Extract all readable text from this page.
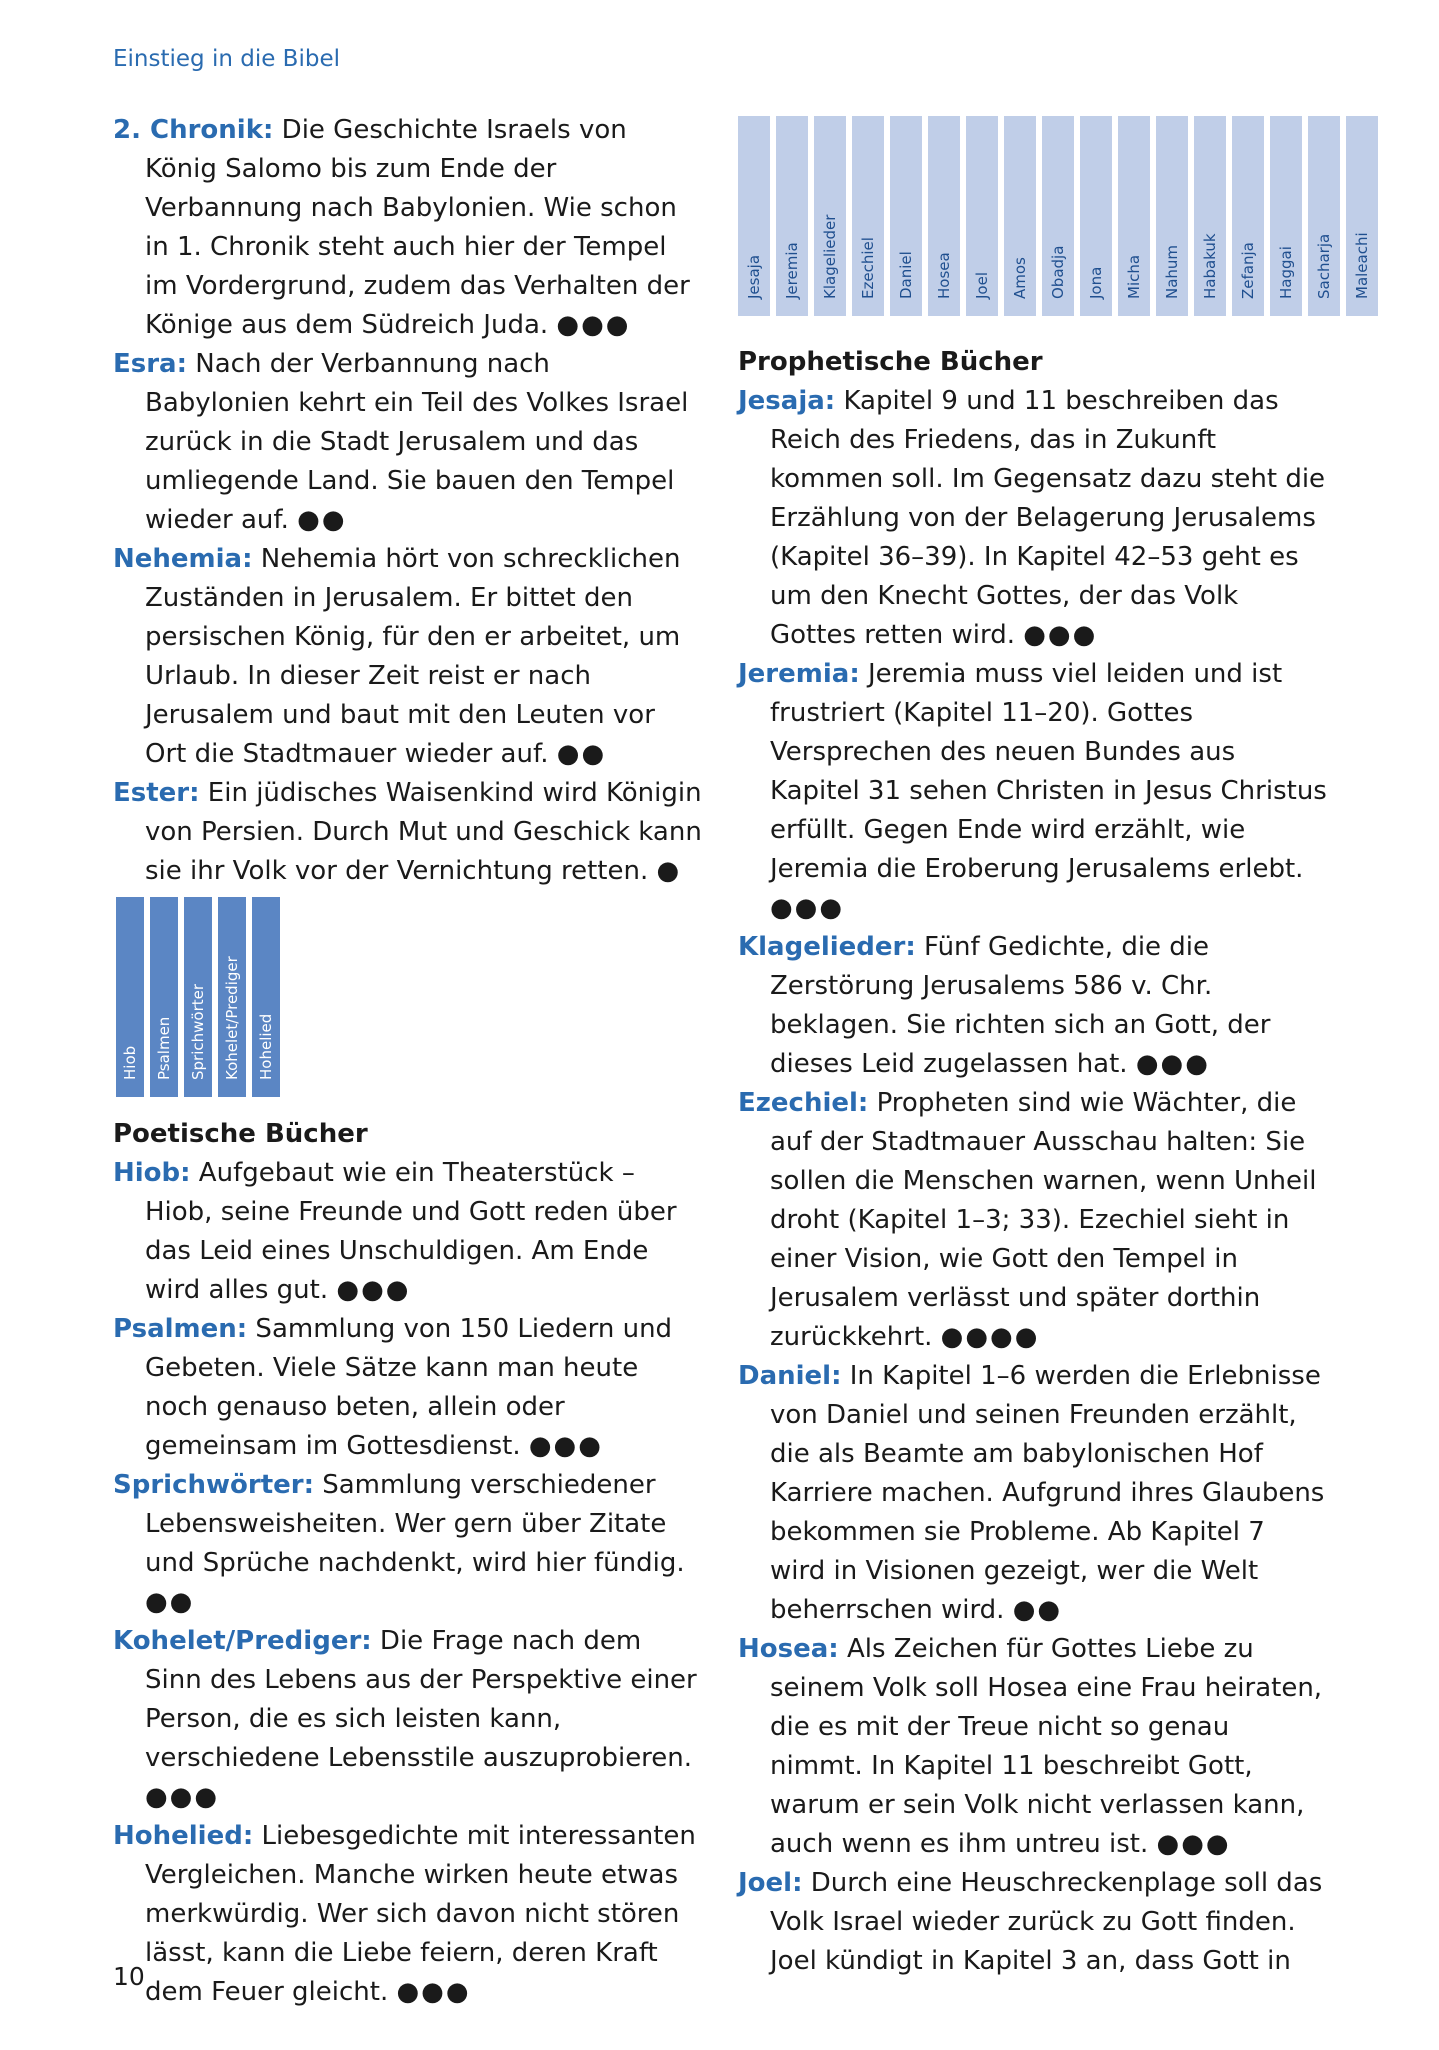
Einstieg in die Bibel

2. Chronik: Die Geschichte Israels von König Salomo bis zum Ende der Verbannung nach Babylonien. Wie schon in 1. Chronik steht auch hier der Tempel im Vordergrund, zudem das Verhalten der Könige aus dem Südreich Juda. ●●●

Esra: Nach der Verbannung nach Babylonien kehrt ein Teil des Volkes Israel zurück in die Stadt Jerusalem und das umliegende Land. Sie bauen den Tempel wieder auf. ●●

Nehemia: Nehemia hört von schrecklichen Zuständen in Jerusalem. Er bittet den persischen König, für den er arbeitet, um Urlaub. In dieser Zeit reist er nach Jerusalem und baut mit den Leuten vor Ort die Stadtmauer wieder auf. ●●

Ester: Ein jüdisches Waisenkind wird Königin von Persien. Durch Mut und Geschick kann sie ihr Volk vor der Vernichtung retten. ●

Hiob Psalmen Sprichwörter Kohelet/Prediger Hohelied

Poetische Bücher

Hiob: Aufgebaut wie ein Theaterstück – Hiob, seine Freunde und Gott reden über das Leid eines Unschuldigen. Am Ende wird alles gut. ●●●

Psalmen: Sammlung von 150 Liedern und Gebeten. Viele Sätze kann man heute noch genauso beten, allein oder gemeinsam im Gottesdienst. ●●●

Sprichwörter: Sammlung verschiedener Lebensweisheiten. Wer gern über Zitate und Sprüche nachdenkt, wird hier fündig. ●●

Kohelet/Prediger: Die Frage nach dem Sinn des Lebens aus der Perspektive einer Person, die es sich leisten kann, verschiedene Lebensstile auszuprobieren. ●●●

Hohelied: Liebesgedichte mit interessanten Vergleichen. Manche wirken heute etwas merkwürdig. Wer sich davon nicht stören lässt, kann die Liebe feiern, deren Kraft dem Feuer gleicht. ●●●

Jesaja Jeremia Klagelieder Ezechiel Daniel Hosea Joel Amos Obadja Jona Micha Nahum Habakuk Zefanja Haggai Sacharja Maleachi

Prophetische Bücher

Jesaja: Kapitel 9 und 11 beschreiben das Reich des Friedens, das in Zukunft kommen soll. Im Gegensatz dazu steht die Erzählung von der Belagerung Jerusalems (Kapitel 36–39). In Kapitel 42–53 geht es um den Knecht Gottes, der das Volk Gottes retten wird. ●●●

Jeremia: Jeremia muss viel leiden und ist frustriert (Kapitel 11–20). Gottes Versprechen des neuen Bundes aus Kapitel 31 sehen Christen in Jesus Christus erfüllt. Gegen Ende wird erzählt, wie Jeremia die Eroberung Jerusalems erlebt. ●●●

Klagelieder: Fünf Gedichte, die die Zerstörung Jerusalems 586 v. Chr. beklagen. Sie richten sich an Gott, der dieses Leid zugelassen hat. ●●●

Ezechiel: Propheten sind wie Wächter, die auf der Stadtmauer Ausschau halten: Sie sollen die Menschen warnen, wenn Unheil droht (Kapitel 1–3; 33). Ezechiel sieht in einer Vision, wie Gott den Tempel in Jerusalem verlässt und später dorthin zurückkehrt. ●●●●

Daniel: In Kapitel 1–6 werden die Erlebnisse von Daniel und seinen Freunden erzählt, die als Beamte am babylonischen Hof Karriere machen. Aufgrund ihres Glaubens bekommen sie Probleme. Ab Kapitel 7 wird in Visionen gezeigt, wer die Welt beherrschen wird. ●●

Hosea: Als Zeichen für Gottes Liebe zu seinem Volk soll Hosea eine Frau heiraten, die es mit der Treue nicht so genau nimmt. In Kapitel 11 beschreibt Gott, warum er sein Volk nicht verlassen kann, auch wenn es ihm untreu ist. ●●●

Joel: Durch eine Heuschreckenplage soll das Volk Israel wieder zurück zu Gott finden. Joel kündigt in Kapitel 3 an, dass Gott in

10
